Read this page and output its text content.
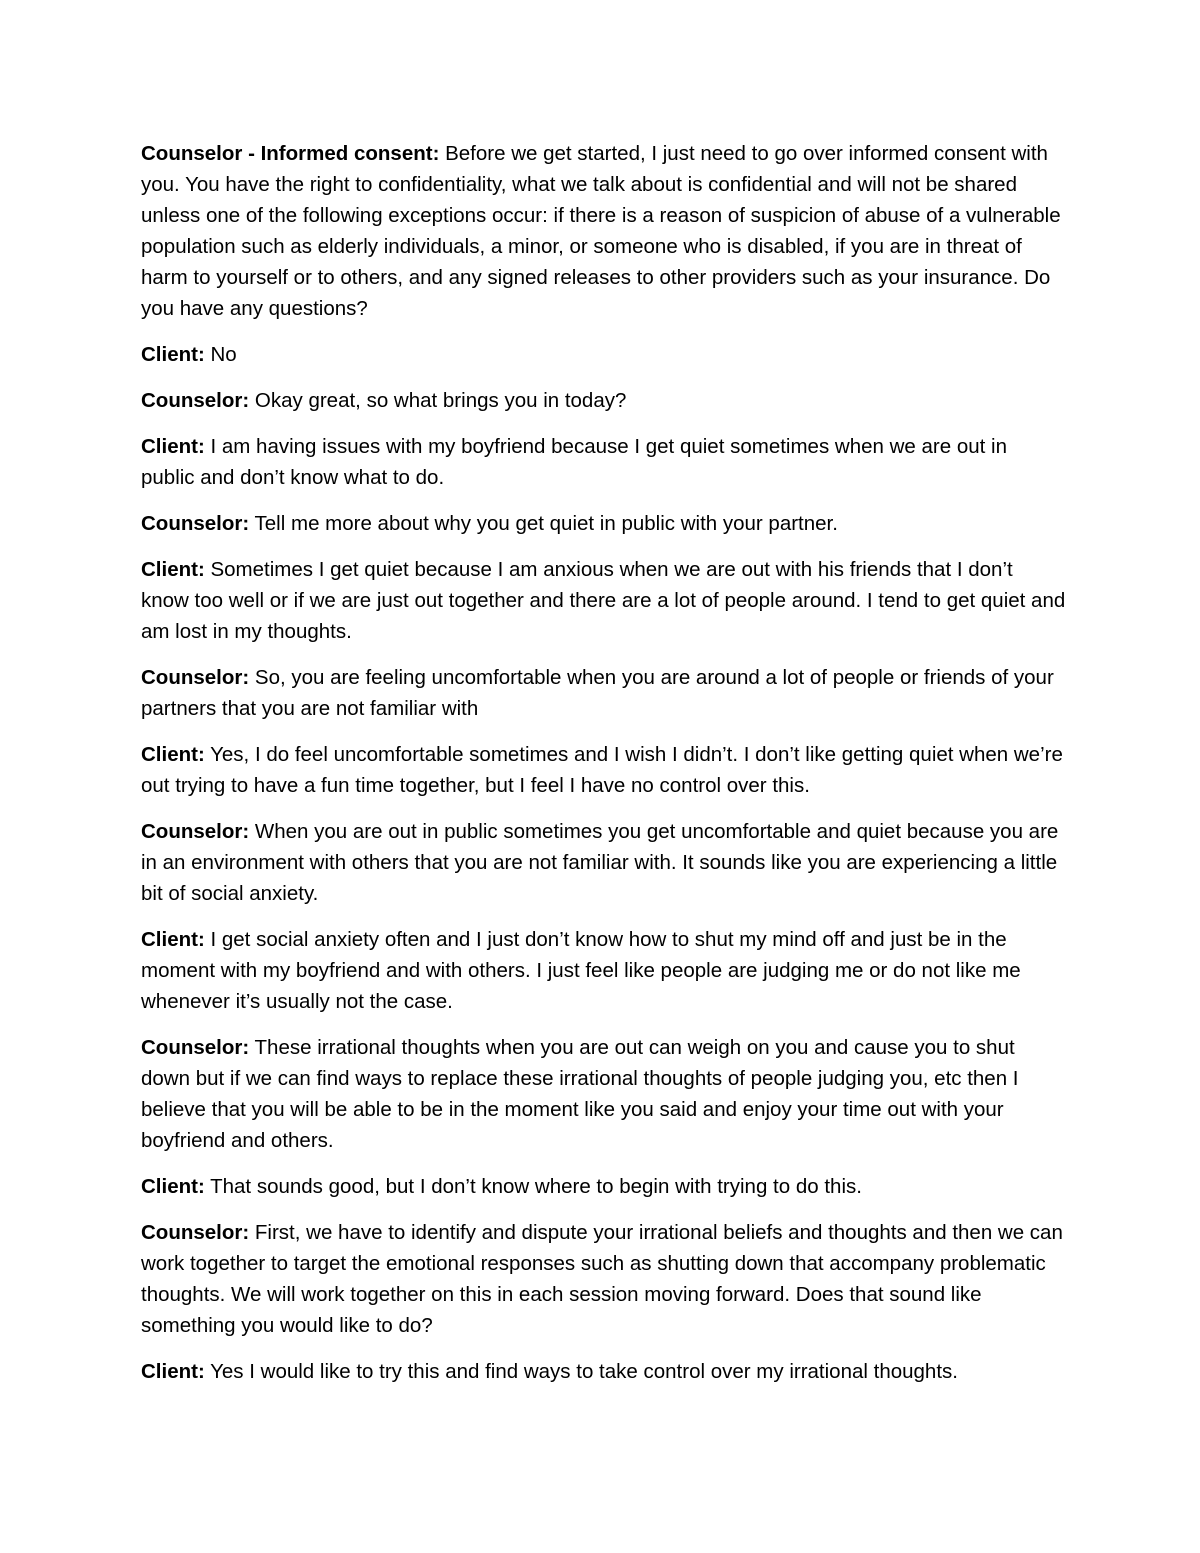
Counselor - Informed consent: Before we get started, I just need to go over informed consent with you. You have the right to confidentiality, what we talk about is confidential and will not be shared unless one of the following exceptions occur: if there is a reason of suspicion of abuse of a vulnerable population such as elderly individuals, a minor, or someone who is disabled, if you are in threat of harm to yourself or to others, and any signed releases to other providers such as your insurance. Do you have any questions?

Client: No

Counselor: Okay great, so what brings you in today?

Client: I am having issues with my boyfriend because I get quiet sometimes when we are out in public and don’t know what to do.

Counselor: Tell me more about why you get quiet in public with your partner.

Client: Sometimes I get quiet because I am anxious when we are out with his friends that I don’t know too well or if we are just out together and there are a lot of people around. I tend to get quiet and am lost in my thoughts.

Counselor: So, you are feeling uncomfortable when you are around a lot of people or friends of your partners that you are not familiar with

Client: Yes, I do feel uncomfortable sometimes and I wish I didn’t. I don’t like getting quiet when we’re out trying to have a fun time together, but I feel I have no control over this.

Counselor: When you are out in public sometimes you get uncomfortable and quiet because you are in an environment with others that you are not familiar with. It sounds like you are experiencing a little bit of social anxiety.

Client: I get social anxiety often and I just don’t know how to shut my mind off and just be in the moment with my boyfriend and with others. I just feel like people are judging me or do not like me whenever it’s usually not the case.

Counselor: These irrational thoughts when you are out can weigh on you and cause you to shut down but if we can find ways to replace these irrational thoughts of people judging you, etc then I believe that you will be able to be in the moment like you said and enjoy your time out with your boyfriend and others.

Client: That sounds good, but I don’t know where to begin with trying to do this.

Counselor: First, we have to identify and dispute your irrational beliefs and thoughts and then we can work together to target the emotional responses such as shutting down that accompany problematic thoughts. We will work together on this in each session moving forward. Does that sound like something you would like to do?

Client: Yes I would like to try this and find ways to take control over my irrational thoughts.
